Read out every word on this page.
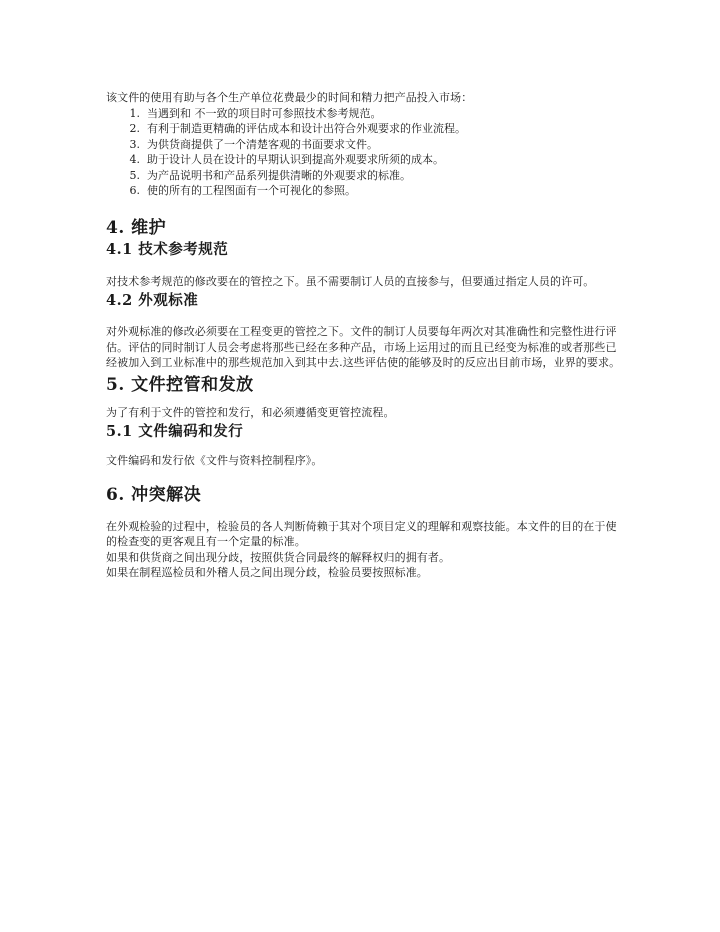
该文件的使用有助与各个生产单位花费最少的时间和精力把产品投入市场：

1. 当遇到和 不一致的项目时可参照技术参考规范。
2. 有利于制造更精确的评估成本和设计出符合外观要求的作业流程。
3. 为供货商提供了一个清楚客观的书面要求文件。
4. 助于设计人员在设计的早期认识到提高外观要求所须的成本。
5. 为产品说明书和产品系列提供清晰的外观要求的标准。
6. 使的所有的工程图面有一个可视化的参照。
4. 维护
4.1 技术参考规范

对技术参考规范的修改要在的管控之下。虽不需要制订人员的直接参与，但要通过指定人员的许可。

4.2 外观标准

对外观标准的修改必须要在工程变更的管控之下。文件的制订人员要每年两次对其准确性和完整性进行评

估。评估的同时制订人员会考虑将那些已经在多种产品，市场上运用过的而且已经变为标准的或者那些已

经被加入到工业标准中的那些规范加入到其中去.这些评估使的能够及时的反应出目前市场，业界的要求。

5. 文件控管和发放

为了有利于文件的管控和发行，和必须遵循变更管控流程。

5.1 文件编码和发行

文件编码和发行依《文件与资料控制程序》。

6. 冲突解决

在外观检验的过程中，检验员的各人判断倚赖于其对个项目定义的理解和观察技能。本文件的目的在于使

的检查变的更客观且有一个定量的标准。

如果和供货商之间出现分歧，按照供货合同最终的解释权归的拥有者。

如果在制程巡检员和外稽人员之间出现分歧，检验员要按照标准。
